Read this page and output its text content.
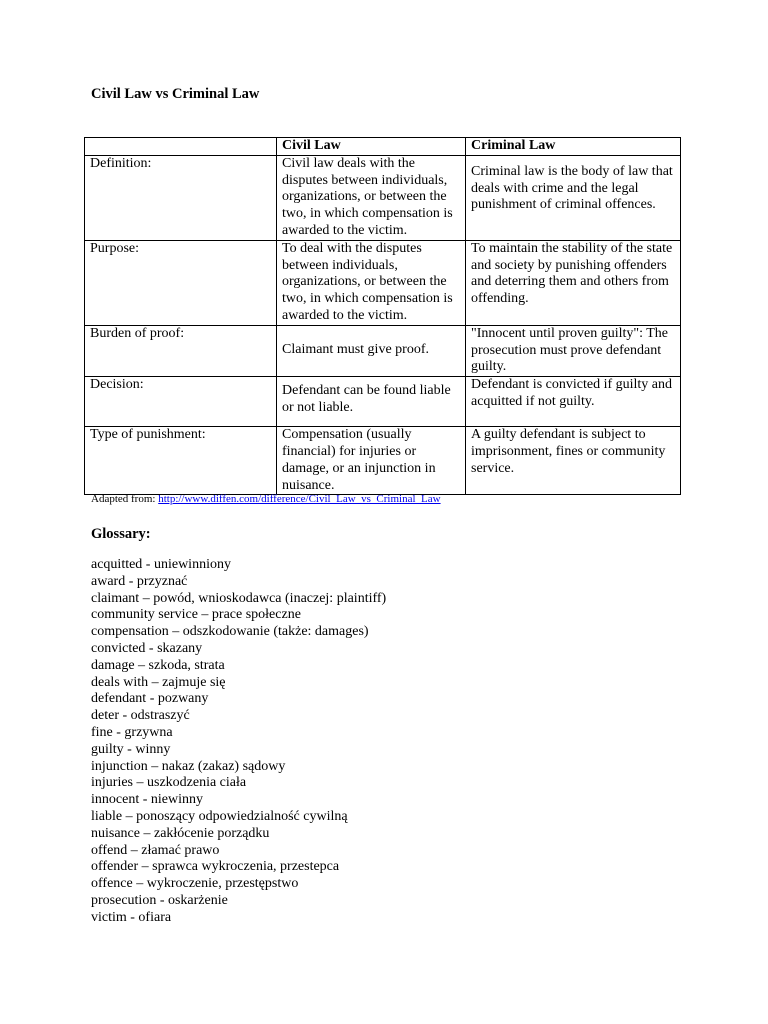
Civil Law vs Criminal Law
	Civil Law	Criminal Law
Definition:	Civil law deals with the disputes between individuals, organizations, or between the two, in which compensation is awarded to the victim.	Criminal law is the body of law that deals with crime and the legal punishment of criminal offences.
Purpose:	To deal with the disputes between individuals, organizations, or between the two, in which compensation is awarded to the victim.	To maintain the stability of the state and society by punishing offenders and deterring them and others from offending.
Burden of proof:	Claimant must give proof.	"Innocent until proven guilty": The prosecution must prove defendant guilty.
Decision:	Defendant can be found liable or not liable.	Defendant is convicted if guilty and acquitted if not guilty.
Type of punishment:	Compensation (usually financial) for injuries or damage, or an injunction in nuisance.	A guilty defendant is subject to imprisonment, fines or community service.
Adapted from: http://www.diffen.com/difference/Civil_Law_vs_Criminal_Law
Glossary:
acquitted - uniewinniony
award - przyznać
claimant – powód, wnioskodawca (inaczej: plaintiff)
community service – prace społeczne
compensation – odszkodowanie (także: damages)
convicted - skazany
damage – szkoda, strata
deals with – zajmuje się
defendant - pozwany
deter - odstraszyć
fine - grzywna
guilty - winny
injunction – nakaz (zakaz) sądowy
injuries – uszkodzenia ciała
innocent - niewinny
liable – ponoszący odpowiedzialność cywilną
nuisance – zakłócenie porządku
offend – złamać prawo
offender – sprawca wykroczenia, przestepca
offence – wykroczenie, przestępstwo
prosecution - oskarżenie
victim - ofiara
